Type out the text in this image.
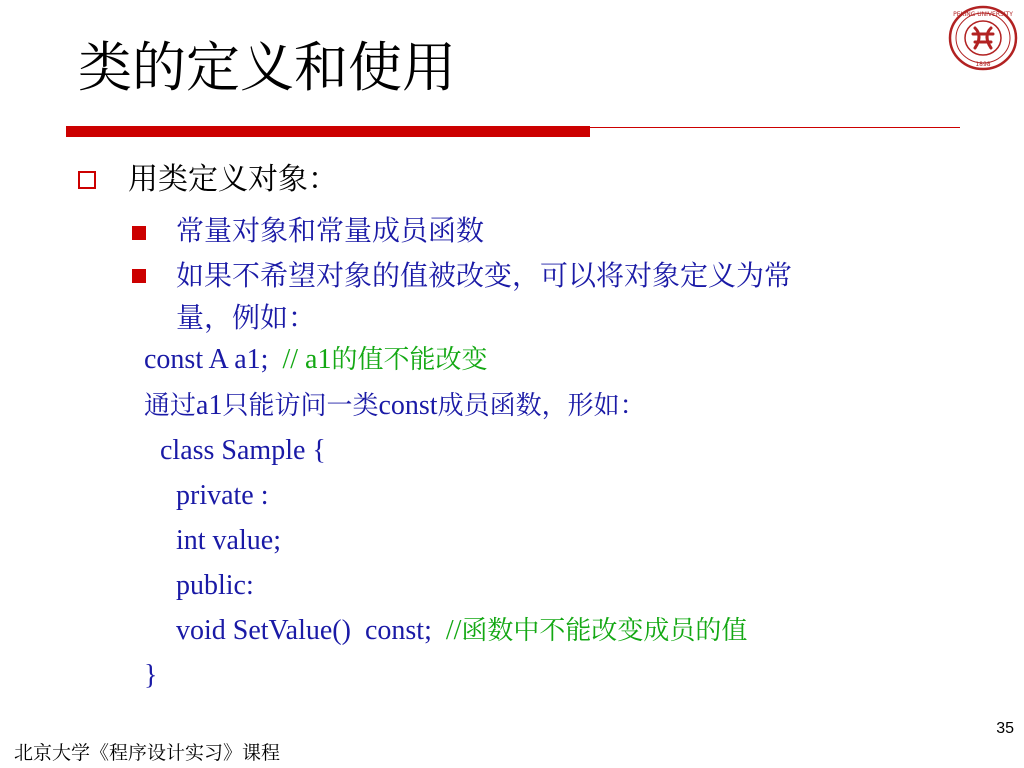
类的定义和使用
PEKING UNIVERSITY
1898
用类定义对象：
常量对象和常量成员函数
如果不希望对象的值被改变，可以将对象定义为常
量，例如：
const A a1;  // a1的值不能改变
通过a1只能访问一类const成员函数，形如：
class Sample {
private :
int value;
public:
void SetValue()  const;  //函数中不能改变成员的值
}
35
北京大学《程序设计实习》课程
